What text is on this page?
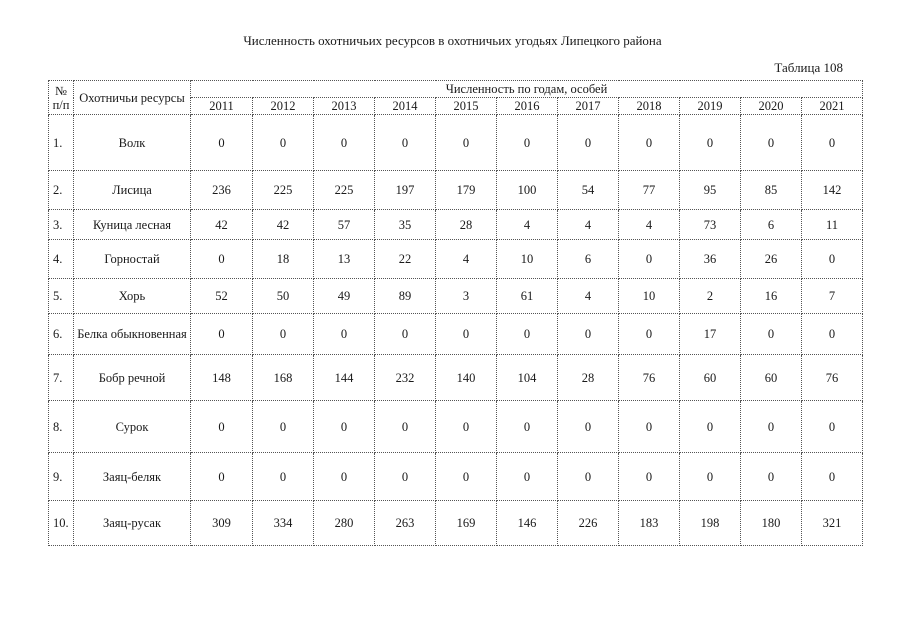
Численность охотничьих ресурсов в охотничьих угодьях Липецкого района
Таблица 108
№ п/п	Охотничьи ресурсы	Численность по годам, особей										
		2011	2012	2013	2014	2015	2016	2017	2018	2019	2020	2021
1.	Волк	0	0	0	0	0	0	0	0	0	0	0
2.	Лисица	236	225	225	197	179	100	54	77	95	85	142
3.	Куница лесная	42	42	57	35	28	4	4	4	73	6	11
4.	Горностай	0	18	13	22	4	10	6	0	36	26	0
5.	Хорь	52	50	49	89	3	61	4	10	2	16	7
6.	Белка обыкновенная	0	0	0	0	0	0	0	0	17	0	0
7.	Бобр речной	148	168	144	232	140	104	28	76	60	60	76
8.	Сурок	0	0	0	0	0	0	0	0	0	0	0
9.	Заяц-беляк	0	0	0	0	0	0	0	0	0	0	0
10.	Заяц-русак	309	334	280	263	169	146	226	183	198	180	321
